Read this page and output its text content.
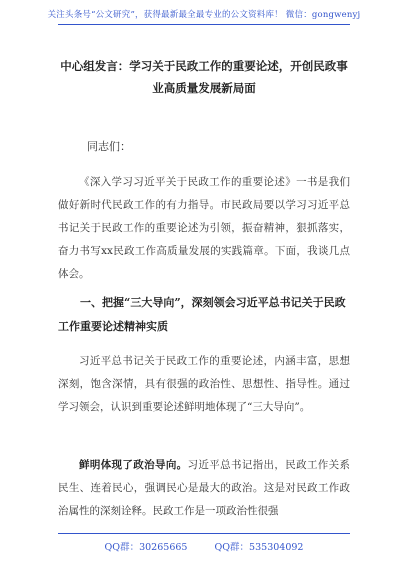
关注头条号“公文研究”，获得最新最全最专业的公文资料库！ 微信：gongwenyj
中心组发言：学习关于民政工作的重要论述，开创民政事业高质量发展新局面
同志们：

《深入学习习近平关于民政工作的重要论述》一书是我们做好新时代民政工作的有力指导。市民政局要以学习习近平总书记关于民政工作的重要论述为引领，振奋精神，狠抓落实，奋力书写xx民政工作高质量发展的实践篇章。下面，我谈几点体会。

一、把握“三大导向”，深刻领会习近平总书记关于民政工作重要论述精神实质

习近平总书记关于民政工作的重要论述，内涵丰富，思想深刻，饱含深情，具有很强的政治性、思想性、指导性。通过学习领会，认识到重要论述鲜明地体现了“三大导向”。

鲜明体现了政治导向。习近平总书记指出，民政工作关系民生、连着民心，强调民心是最大的政治。这是对民政工作政治属性的深刻诠释。民政工作是一项政治性很强

QQ群：30265665	QQ群：535304092
